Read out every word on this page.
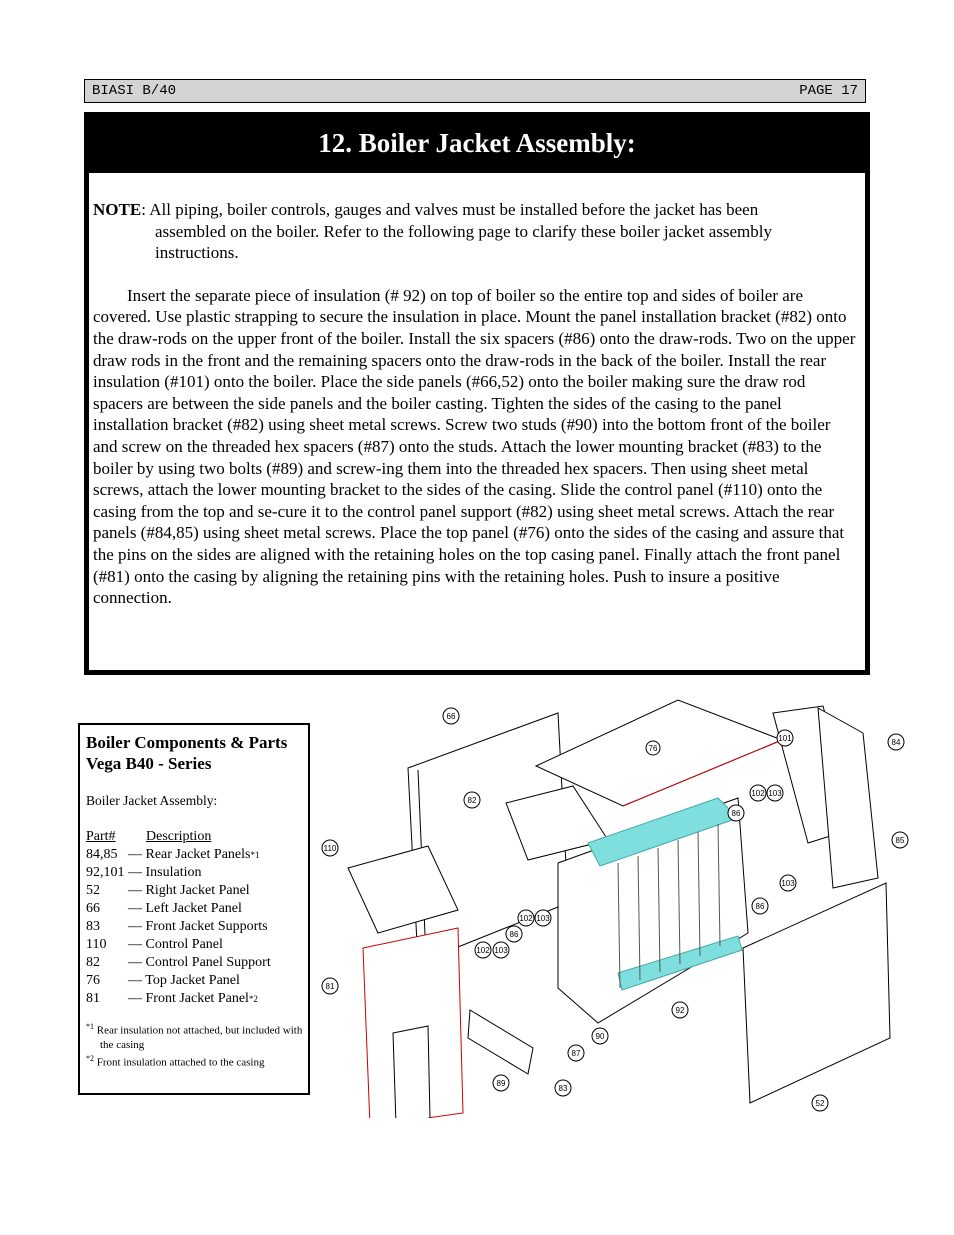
BIASI B/40	PAGE 17
12. Boiler Jacket Assembly:

NOTE: All piping, boiler controls, gauges and valves must be installed before the jacket has been

assembled on the boiler. Refer to the following page to clarify these boiler jacket assembly instructions.

Insert the separate piece of insulation (# 92) on top of boiler so the entire top and sides of boiler are covered. Use plastic strapping to secure the insulation in place. Mount the panel installation bracket (#82) onto the draw-rods on the upper front of the boiler. Install the six spacers (#86) onto the draw-rods. Two on the upper draw rods in the front and the remaining spacers onto the draw-rods in the back of the boiler. Install the rear insulation (#101) onto the boiler. Place the side panels (#66,52) onto the boiler making sure the draw rod spacers are between the side panels and the boiler casting. Tighten the sides of the casing to the panel installation bracket (#82) using sheet metal screws. Screw two studs (#90) into the bottom front of the boiler and screw on the threaded hex spacers (#87) onto the studs. Attach the lower mounting bracket (#83) to the boiler by using two bolts (#89) and screw-ing them into the threaded hex spacers. Then using sheet metal screws, attach the lower mounting bracket to the sides of the casing. Slide the control panel (#110) onto the casing from the top and se-cure it to the control panel support (#82) using sheet metal screws. Attach the rear panels (#84,85) using sheet metal screws. Place the top panel (#76) onto the sides of the casing and assure that the pins on the sides are aligned with the retaining holes on the top casing panel. Finally attach the front panel (#81) onto the casing by aligning the retaining pins with the retaining holes. Push to insure a positive connection.

Boiler Components & Parts Vega B40 - Series

Boiler Jacket Assembly:

Part#	Description
84,85 — Rear Jacket Panels *1
92,101 — Insulation
52	— Right Jacket Panel
66	— Left Jacket Panel
83	— Front Jacket Supports
110	— Control Panel
82	— Control Panel Support
76	— Top Jacket Panel
81	— Front Jacket Panel *2
$^{*1}$ Rear insulation not attached, but included with the casing
$^{*2}$ Front insulation attached to the casing
66
76
101	84
82
86
102 103
85
110
103
102
103
86
102 103
86
81
92
90
87
89
83
52
